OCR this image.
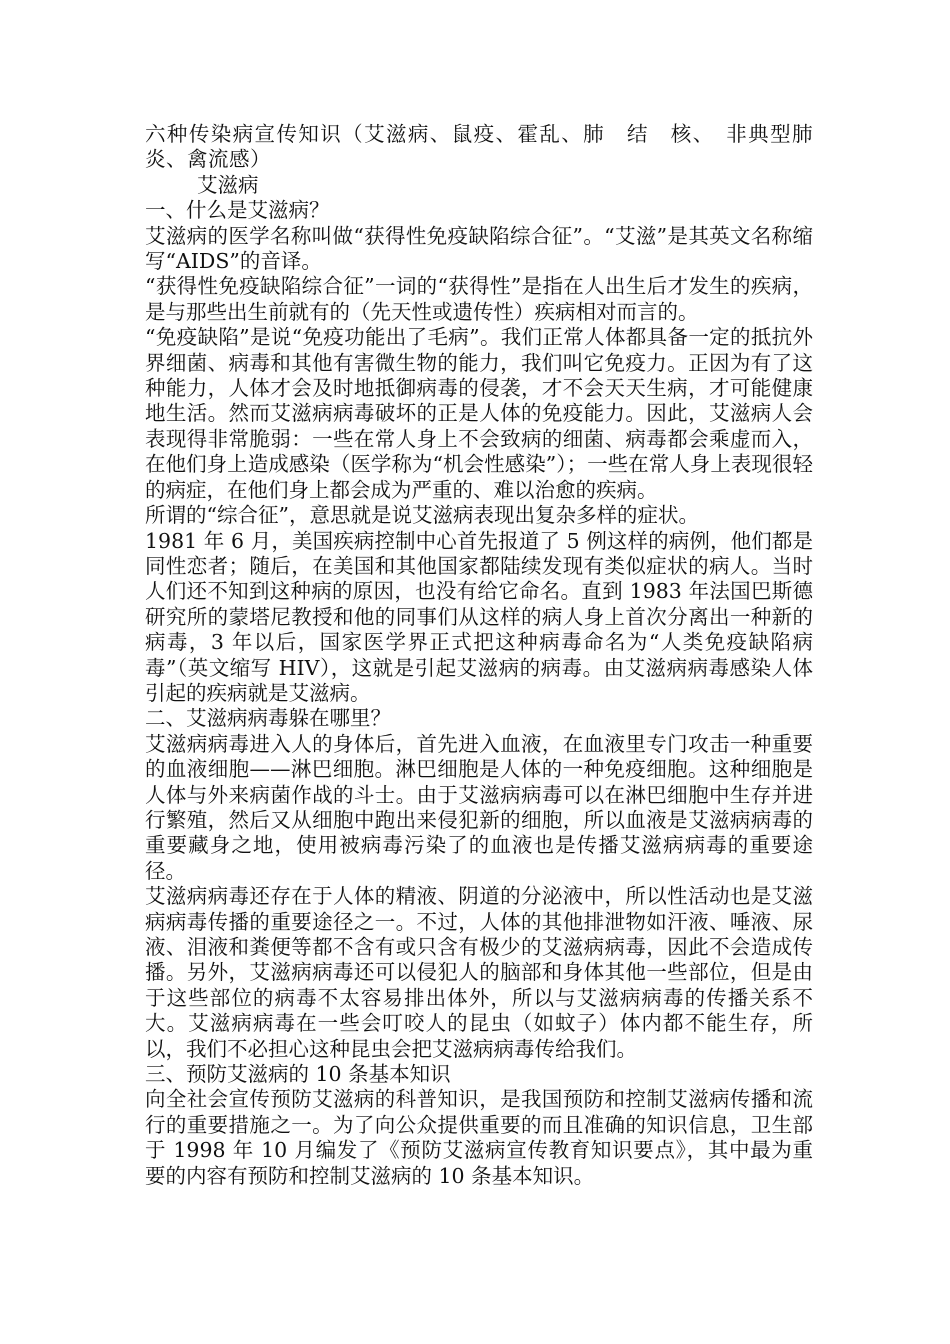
六种传染病宣传知识（艾滋病、鼠疫、霍乱、肺　结　核、　非典型肺炎、禽流感）
艾滋病
一、什么是艾滋病？
艾滋病的医学名称叫做“获得性免疫缺陷综合征”。“艾滋”是其英文名称缩写“AIDS”的音译。
“获得性免疫缺陷综合征”一词的“获得性”是指在人出生后才发生的疾病，是与那些出生前就有的（先天性或遗传性）疾病相对而言的。
“免疫缺陷”是说“免疫功能出了毛病”。我们正常人体都具备一定的抵抗外界细菌、病毒和其他有害微生物的能力，我们叫它免疫力。正因为有了这种能力，人体才会及时地抵御病毒的侵袭，才不会天天生病，才可能健康地生活。然而艾滋病病毒破坏的正是人体的免疫能力。因此，艾滋病人会表现得非常脆弱：一些在常人身上不会致病的细菌、病毒都会乘虚而入，在他们身上造成感染（医学称为“机会性感染”）；一些在常人身上表现很轻的病症，在他们身上都会成为严重的、难以治愈的疾病。
所谓的“综合征”，意思就是说艾滋病表现出复杂多样的症状。
1981 年 6 月，美国疾病控制中心首先报道了 5 例这样的病例，他们都是同性恋者；随后，在美国和其他国家都陆续发现有类似症状的病人。当时人们还不知到这种病的原因，也没有给它命名。直到 1983 年法国巴斯德研究所的蒙塔尼教授和他的同事们从这样的病人身上首次分离出一种新的病毒，3 年以后，国家医学界正式把这种病毒命名为“人类免疫缺陷病毒”（英文缩写 HIV），这就是引起艾滋病的病毒。由艾滋病病毒感染人体引起的疾病就是艾滋病。
二、艾滋病病毒躲在哪里？
艾滋病病毒进入人的身体后，首先进入血液，在血液里专门攻击一种重要的血液细胞——淋巴细胞。淋巴细胞是人体的一种免疫细胞。这种细胞是人体与外来病菌作战的斗士。由于艾滋病病毒可以在淋巴细胞中生存并进行繁殖，然后又从细胞中跑出来侵犯新的细胞，所以血液是艾滋病病毒的重要藏身之地，使用被病毒污染了的血液也是传播艾滋病病毒的重要途径。
艾滋病病毒还存在于人体的精液、阴道的分泌液中，所以性活动也是艾滋病病毒传播的重要途径之一。不过，人体的其他排泄物如汗液、唾液、尿液、泪液和粪便等都不含有或只含有极少的艾滋病病毒，因此不会造成传播。另外，艾滋病病毒还可以侵犯人的脑部和身体其他一些部位，但是由于这些部位的病毒不太容易排出体外，所以与艾滋病病毒的传播关系不大。艾滋病病毒在一些会叮咬人的昆虫（如蚊子）体内都不能生存，所以，我们不必担心这种昆虫会把艾滋病病毒传给我们。
三、预防艾滋病的 10 条基本知识
向全社会宣传预防艾滋病的科普知识，是我国预防和控制艾滋病传播和流行的重要措施之一。为了向公众提供重要的而且准确的知识信息，卫生部于 1998 年 10 月编发了《预防艾滋病宣传教育知识要点》，其中最为重要的内容有预防和控制艾滋病的 10 条基本知识。
